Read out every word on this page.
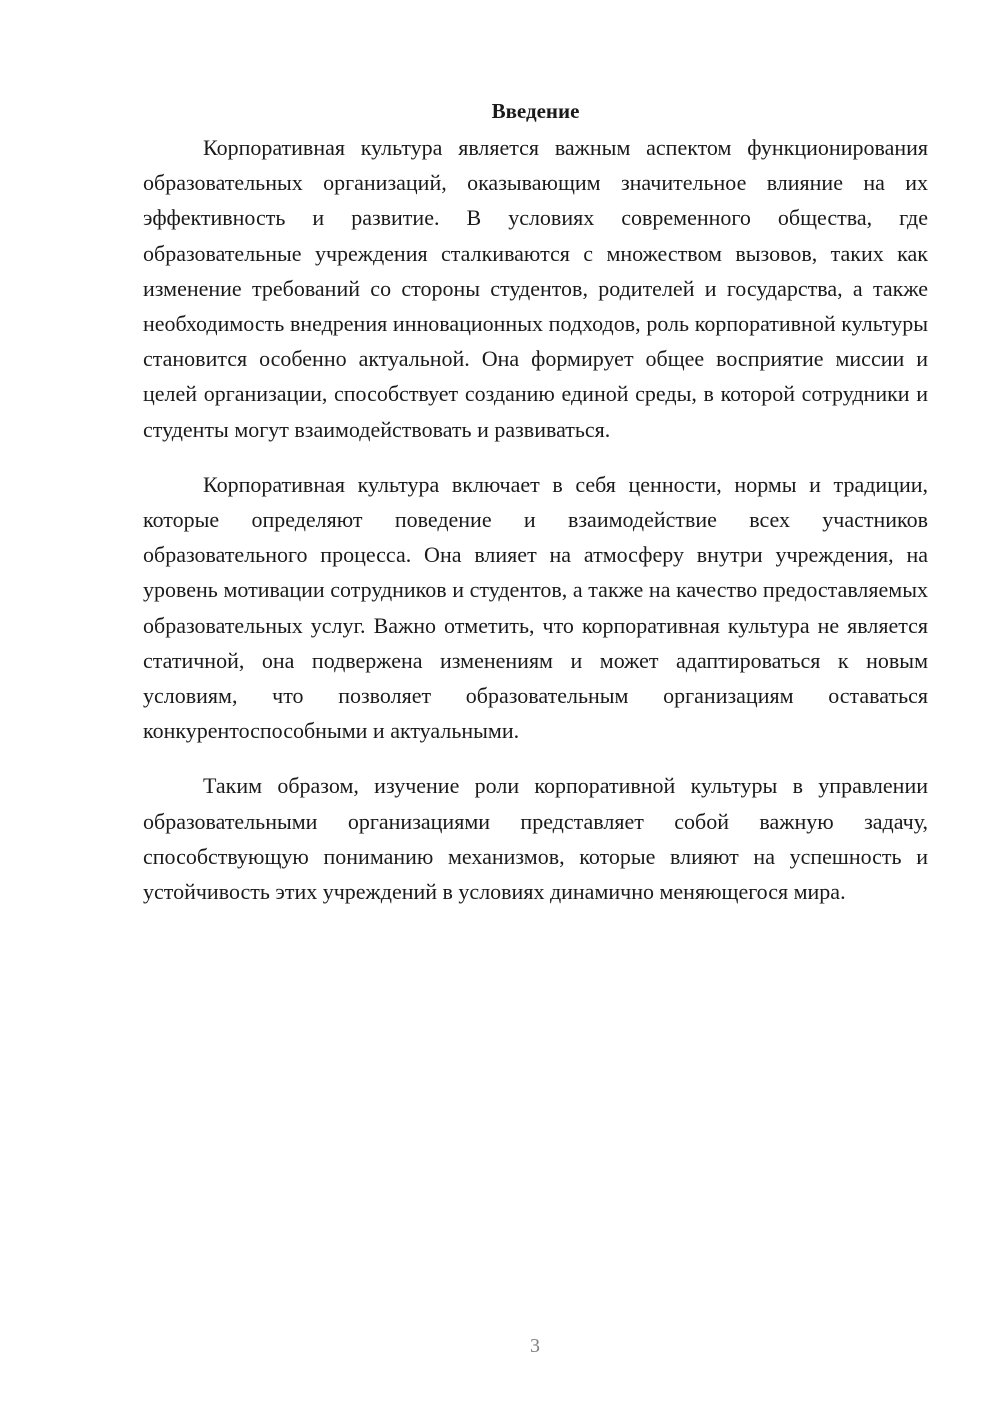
Введение

Корпоративная культура является важным аспектом функционирования образовательных организаций, оказывающим значительное влияние на их эффективность и развитие. В условиях современного общества, где образовательные учреждения сталкиваются с множеством вызовов, таких как изменение требований со стороны студентов, родителей и государства, а также необходимость внедрения инновационных подходов, роль корпоративной культуры становится особенно актуальной. Она формирует общее восприятие миссии и целей организации, способствует созданию единой среды, в которой сотрудники и студенты могут взаимодействовать и развиваться.

Корпоративная культура включает в себя ценности, нормы и традиции, которые определяют поведение и взаимодействие всех участников образовательного процесса. Она влияет на атмосферу внутри учреждения, на уровень мотивации сотрудников и студентов, а также на качество предоставляемых образовательных услуг. Важно отметить, что корпоративная культура не является статичной, она подвержена изменениям и может адаптироваться к новым условиям, что позволяет образовательным организациям оставаться конкурентоспособными и актуальными.

Таким образом, изучение роли корпоративной культуры в управлении образовательными организациями представляет собой важную задачу, способствующую пониманию механизмов, которые влияют на успешность и устойчивость этих учреждений в условиях динамично меняющегося мира.

3
